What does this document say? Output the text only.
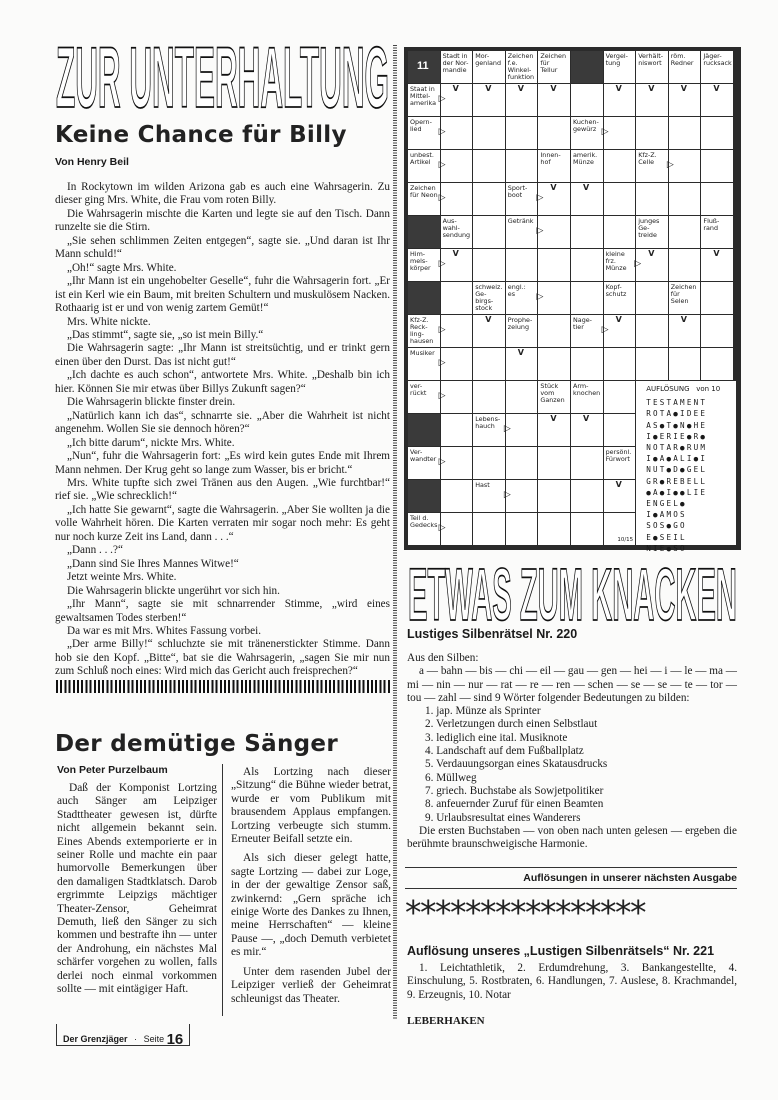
ZUR UNTERHALTUNG
Keine Chance für Billy
Von Henry Beil

In Rockytown im wilden Arizona gab es auch eine Wahrsagerin. Zu dieser ging Mrs. White, die Frau vom roten Billy.

Die Wahrsagerin mischte die Karten und legte sie auf den Tisch. Dann runzelte sie die Stirn.

„Sie sehen schlimmen Zeiten entgegen“, sagte sie. „Und daran ist Ihr Mann schuld!“

„Oh!“ sagte Mrs. White.

„Ihr Mann ist ein ungehobelter Geselle“, fuhr die Wahrsagerin fort. „Er ist ein Kerl wie ein Baum, mit breiten Schultern und muskulösem Nacken. Rothaarig ist er und von wenig zartem Gemüt!“

Mrs. White nickte.

„Das stimmt“, sagte sie, „so ist mein Billy.“

Die Wahrsagerin sagte: „Ihr Mann ist streitsüchtig, und er trinkt gern einen über den Durst. Das ist nicht gut!“

„Ich dachte es auch schon“, antwortete Mrs. White. „Deshalb bin ich hier. Können Sie mir etwas über Billys Zukunft sagen?“

Die Wahrsagerin blickte finster drein.

„Natürlich kann ich das“, schnarrte sie. „Aber die Wahrheit ist nicht angenehm. Wollen Sie sie dennoch hören?“

„Ich bitte darum“, nickte Mrs. White.

„Nun“, fuhr die Wahrsagerin fort: „Es wird kein gutes Ende mit Ihrem Mann nehmen. Der Krug geht so lange zum Wasser, bis er bricht.“

Mrs. White tupfte sich zwei Tränen aus den Augen. „Wie furchtbar!“ rief sie. „Wie schrecklich!“

„Ich hatte Sie gewarnt“, sagte die Wahrsagerin. „Aber Sie wollten ja die volle Wahrheit hören. Die Karten verraten mir sogar noch mehr: Es geht nur noch kurze Zeit ins Land, dann . . .“

„Dann . . .?“

„Dann sind Sie Ihres Mannes Witwe!“

Jetzt weinte Mrs. White.

Die Wahrsagerin blickte ungerührt vor sich hin.

„Ihr Mann“, sagte sie mit schnarrender Stimme, „wird eines gewaltsamen Todes sterben!“

Da war es mit Mrs. Whites Fassung vorbei.

„Der arme Billy!“ schluchzte sie mit tränenerstickter Stimme. Dann hob sie den Kopf. „Bitte“, bat sie die Wahrsagerin, „sagen Sie mir nun zum Schluß noch eines: Wird mich das Gericht auch freisprechen?“

Der demütige Sänger
Von Peter Purzelbaum

Daß der Komponist Lortzing auch Sänger am Leipziger Stadttheater gewesen ist, dürfte nicht allgemein bekannt sein. Eines Abends extemporierte er in seiner Rolle und machte ein paar humorvolle Bemerkungen über den damaligen Stadtklatsch. Darob ergrimmte Leipzigs mächtiger Theater-Zensor, Geheimrat Demuth, ließ den Sänger zu sich kommen und bestrafte ihn — unter der Androhung, ein nächstes Mal schärfer vorgehen zu wollen, falls derlei noch einmal vorkommen sollte — mit eintägiger Haft.

Als Lortzing nach dieser „Sitzung“ die Bühne wieder betrat, wurde er vom Publikum mit brausendem Applaus empfangen. Lortzing verbeugte sich stumm. Erneuter Beifall setzte ein.

Als sich dieser gelegt hatte, sagte Lortzing — dabei zur Loge, in der der gewaltige Zensor saß, zwinkernd: „Gern spräche ich einige Worte des Dankes zu Ihnen, meine Herrschaften“ — kleine Pause —, „doch Demuth verbietet es mir.“

Unter dem rasenden Jubel der Leipziger verließ der Geheimrat schleunigst das Theater.

Der Grenzjäger · Seite 16
11
Stadt in
der Nor-
mandie
V
Mor-
genland
V
Zeichen
f.e.
Winkel-
funktion
V
Zeichen
für
Tellur
V
Vergel-
tung
V
Verhält-
niswort
V
röm.
Redner
V
Jäger-
rucksack
V
Staat in
Mittel-
amerika ▷
Opern-
lied ▷
Kuchen-
gewürz ▷
unbest.
Artikel ▷
Innen-
hof
V
amerik.
Münze
V
Kfz-Z.
Celle ▷
Zeichen
für Neon ▷
Sport-
boot ▷
Aus-
wahl-
sendung
V
Getränk
▷
junges
Ge-
treide
V
Fluß-
rand
V
Him-
mels-
körper ▷
kleine
frz.
Münze ▷
schweiz.
Ge-
birgs-
stock
V
engl.:
es ▷
Kopf-
schutz
V
Zeichen
für
Selen
V
Kfz-Z.
Reck-
ling-
hausen
▷
Prophe-
zeiung
V
Nage-
tier ▷
Musiker
▷
ver-
rückt ▷
Stück
vom
Ganzen
V
Arm-
knochen
V
Lebens-
hauch ▷
Ver-
wandter ▷
persönl.
Fürwort
V
Hast
▷
Teil d.
Gedecks ▷
10/15
AUFLÖSUNG   von 10
TESTAMENT
ROTA●IDEE
AS●T●N●HE
I●ERIE●R●
NOTAR●RUM
I●A●ALI●I
NUT●D●GEL
GR●REBELL
●A●I●●LIE
ENGEL●
I●AMOS
SOS●GO
E●SEIL
NIE●SO
ETWAS ZUM KNACKEN
Lustiges Silbenrätsel Nr. 220
Aus den Silben:
a — bahn — bis — chi — eil — gau — gen — hei — i — le — ma — mi — nin — nur — rat — re — ren — schen — se — se — te — tor — tou — zahl — sind 9 Wörter folgender Bedeutungen zu bilden:
1. jap. Münze als Sprinter
2. Verletzungen durch einen Selbstlaut
3. lediglich eine ital. Musiknote
4. Landschaft auf dem Fußballplatz
5. Verdauungsorgan eines Skatausdrucks
6. Müllweg
7. griech. Buchstabe als Sowjetpolitiker
8. anfeuernder Zuruf für einen Beamten
9. Urlaubsresultat eines Wanderers
Die ersten Buchstaben — von oben nach unten gelesen — ergeben die berühmte braunschweigische Harmonie.
Auflösungen in unserer nächsten Ausgabe
****************
Auflösung unseres „Lustigen Silbenrätsels“ Nr. 221
1. Leichtathletik, 2. Erdumdrehung, 3. Bankangestellte, 4. Einschulung, 5. Rostbraten, 6. Handlungen, 7. Auslese, 8. Krachmandel, 9. Erzeugnis, 10. Notar
LEBERHAKEN
